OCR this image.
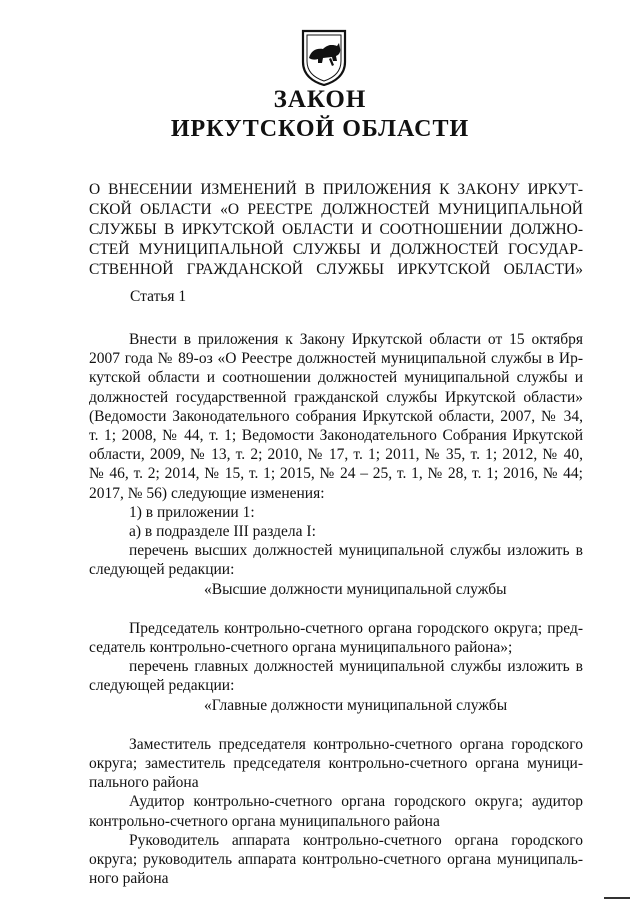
ЗАКОН
ИРКУТСКОЙ ОБЛАСТИ
О ВНЕСЕНИИ ИЗМЕНЕНИЙ В ПРИЛОЖЕНИЯ К ЗАКОНУ ИРКУТ-
СКОЙ ОБЛАСТИ «О РЕЕСТРЕ ДОЛЖНОСТЕЙ МУНИЦИПАЛЬНОЙ
СЛУЖБЫ В ИРКУТСКОЙ ОБЛАСТИ И СООТНОШЕНИИ ДОЛЖНО-
СТЕЙ МУНИЦИПАЛЬНОЙ СЛУЖБЫ И ДОЛЖНОСТЕЙ ГОСУДАР-
СТВЕННОЙ ГРАЖДАНСКОЙ СЛУЖБЫ ИРКУТСКОЙ ОБЛАСТИ»

Статья 1

Внести в приложения к Закону Иркутской области от 15 октября
2007 года № 89-оз «О Реестре должностей муниципальной службы в Ир-
кутской области и соотношении должностей муниципальной службы и
должностей государственной гражданской службы Иркутской области»
(Ведомости Законодательного собрания Иркутской области, 2007, № 34,
т. 1; 2008, № 44, т. 1; Ведомости Законодательного Собрания Иркутской
области, 2009, № 13, т. 2; 2010, № 17, т. 1; 2011, № 35, т. 1; 2012, № 40,
№ 46, т. 2; 2014, № 15, т. 1; 2015, № 24 – 25, т. 1, № 28, т. 1; 2016, № 44;
2017, № 56) следующие изменения:
1) в приложении 1:
а) в подразделе III раздела I:
перечень высших должностей муниципальной службы изложить в
следующей редакции:
«Высшие должности муниципальной службы
Председатель контрольно-счетного органа городского округа; пред-
седатель контрольно-счетного органа муниципального района»;
перечень главных должностей муниципальной службы изложить в
следующей редакции:
«Главные должности муниципальной службы
Заместитель председателя контрольно-счетного органа городского
округа; заместитель председателя контрольно-счетного органа муници-
пального района
Аудитор контрольно-счетного органа городского округа; аудитор
контрольно-счетного органа муниципального района
Руководитель аппарата контрольно-счетного органа городского
округа; руководитель аппарата контрольно-счетного органа муниципаль-
ного района
